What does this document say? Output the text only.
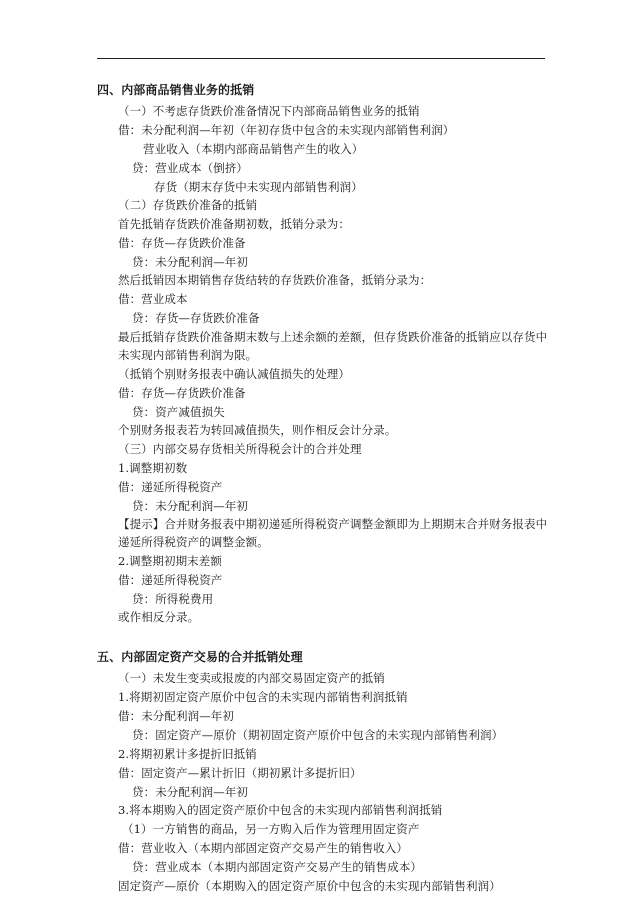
四、内部商品销售业务的抵销
（一）不考虑存货跌价准备情况下内部商品销售业务的抵销
借：未分配利润—年初（年初存货中包含的未实现内部销售利润）
营业收入（本期内部商品销售产生的收入）
贷：营业成本（倒挤）
存货（期末存货中未实现内部销售利润）
（二）存货跌价准备的抵销
首先抵销存货跌价准备期初数，抵销分录为：
借：存货—存货跌价准备
贷：未分配利润—年初
然后抵销因本期销售存货结转的存货跌价准备，抵销分录为：
借：营业成本
贷：存货—存货跌价准备
最后抵销存货跌价准备期末数与上述余额的差额，但存货跌价准备的抵销应以存货中
未实现内部销售利润为限。
（抵销个别财务报表中确认减值损失的处理）
借：存货—存货跌价准备
贷：资产减值损失
个别财务报表若为转回减值损失，则作相反会计分录。
（三）内部交易存货相关所得税会计的合并处理
1.调整期初数
借：递延所得税资产
贷：未分配利润—年初
【提示】合并财务报表中期初递延所得税资产调整金额即为上期期末合并财务报表中
递延所得税资产的调整金额。
2.调整期初期末差额
借：递延所得税资产
贷：所得税费用
或作相反分录。
五、内部固定资产交易的合并抵销处理
（一）未发生变卖或报废的内部交易固定资产的抵销
1.将期初固定资产原价中包含的未实现内部销售利润抵销
借：未分配利润—年初
贷：固定资产—原价（期初固定资产原价中包含的未实现内部销售利润）
2.将期初累计多提折旧抵销
借：固定资产—累计折旧（期初累计多提折旧）
贷：未分配利润—年初
3.将本期购入的固定资产原价中包含的未实现内部销售利润抵销
（1）一方销售的商品，另一方购入后作为管理用固定资产
借：营业收入（本期内部固定资产交易产生的销售收入）
贷：营业成本（本期内部固定资产交易产生的销售成本）
固定资产—原价（本期购入的固定资产原价中包含的未实现内部销售利润）
